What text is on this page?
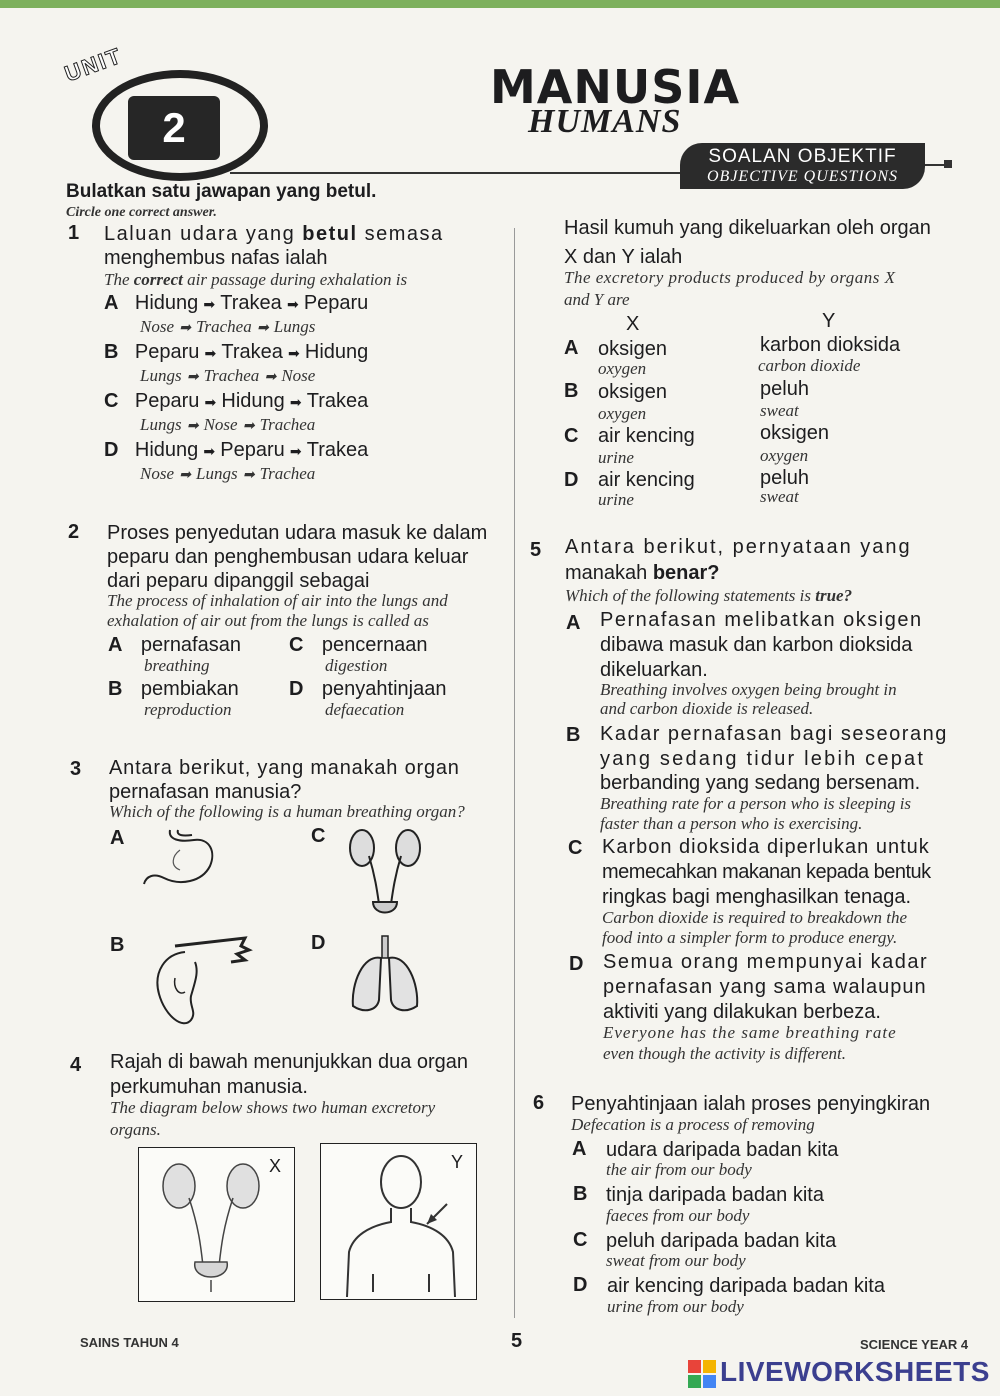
2
UNIT	MANUSIA
HUMANS
SOALAN OBJEKTIF
OBJECTIVE QUESTIONS
Bulatkan satu jawapan yang betul.
Circle one correct answer.
1 Laluan udara yang betul semasa
menghembus nafas ialah
The correct air passage during exhalation is
A Hidung ➡ Trakea ➡ Peparu
Nose ➡ Trachea ➡ Lungs
B Peparu ➡ Trakea ➡ Hidung
Lungs ➡ Trachea ➡ Nose
C Peparu ➡ Hidung ➡ Trakea
Lungs ➡ Nose ➡ Trachea
D Hidung ➡ Peparu ➡ Trakea
Nose ➡ Lungs ➡ Trachea
2 Proses penyedutan udara masuk ke dalam
peparu dan penghembusan udara keluar
dari peparu dipanggil sebagai
The process of inhalation of air into the lungs and
exhalation of air out from the lungs is called as
A pernafasan
breathing
C pencernaan
digestion
B pembiakan
reproduction
D penyahtinjaan
defaecation
3 Antara berikut, yang manakah organ
pernafasan manusia?
Which of the following is a human breathing organ?
A	C
B	D
4 Rajah di bawah menunjukkan dua organ
perkumuhan manusia.
The diagram below shows two human excretory
organs.
X	Y
Hasil kumuh yang dikeluarkan oleh organ
X dan Y ialah
The excretory products produced by organs X
and Y are
X	Y
A oksigen
oxygen
karbon dioksida
carbon dioxide
B oksigen
oxygen
peluh
sweat
C air kencing
urine
oksigen
oxygen
D air kencing
urine
peluh
sweat
5 Antara berikut, pernyataan yang
manakah benar?
Which of the following statements is true?
A Pernafasan melibatkan oksigen
dibawa masuk dan karbon dioksida
dikeluarkan.
Breathing involves oxygen being brought in
and carbon dioxide is released.
B Kadar pernafasan bagi seseorang
yang sedang tidur lebih cepat
berbanding yang sedang bersenam.
Breathing rate for a person who is sleeping is
faster than a person who is exercising.
C Karbon dioksida diperlukan untuk
memecahkan makanan kepada bentuk
ringkas bagi menghasilkan tenaga.
Carbon dioxide is required to breakdown the
food into a simpler form to produce energy.
D Semua orang mempunyai kadar
pernafasan yang sama walaupun
aktiviti yang dilakukan berbeza.
Everyone has the same breathing rate
even though the activity is different.
6 Penyahtinjaan ialah proses penyingkiran
Defecation is a process of removing
A udara daripada badan kita
the air from our body
B tinja daripada badan kita
faeces from our body
C peluh daripada badan kita
sweat from our body
D air kencing daripada badan kita
urine from our body
SAINS TAHUN 4	5	SCIENCE YEAR 4
LIVEWORKSHEETS
